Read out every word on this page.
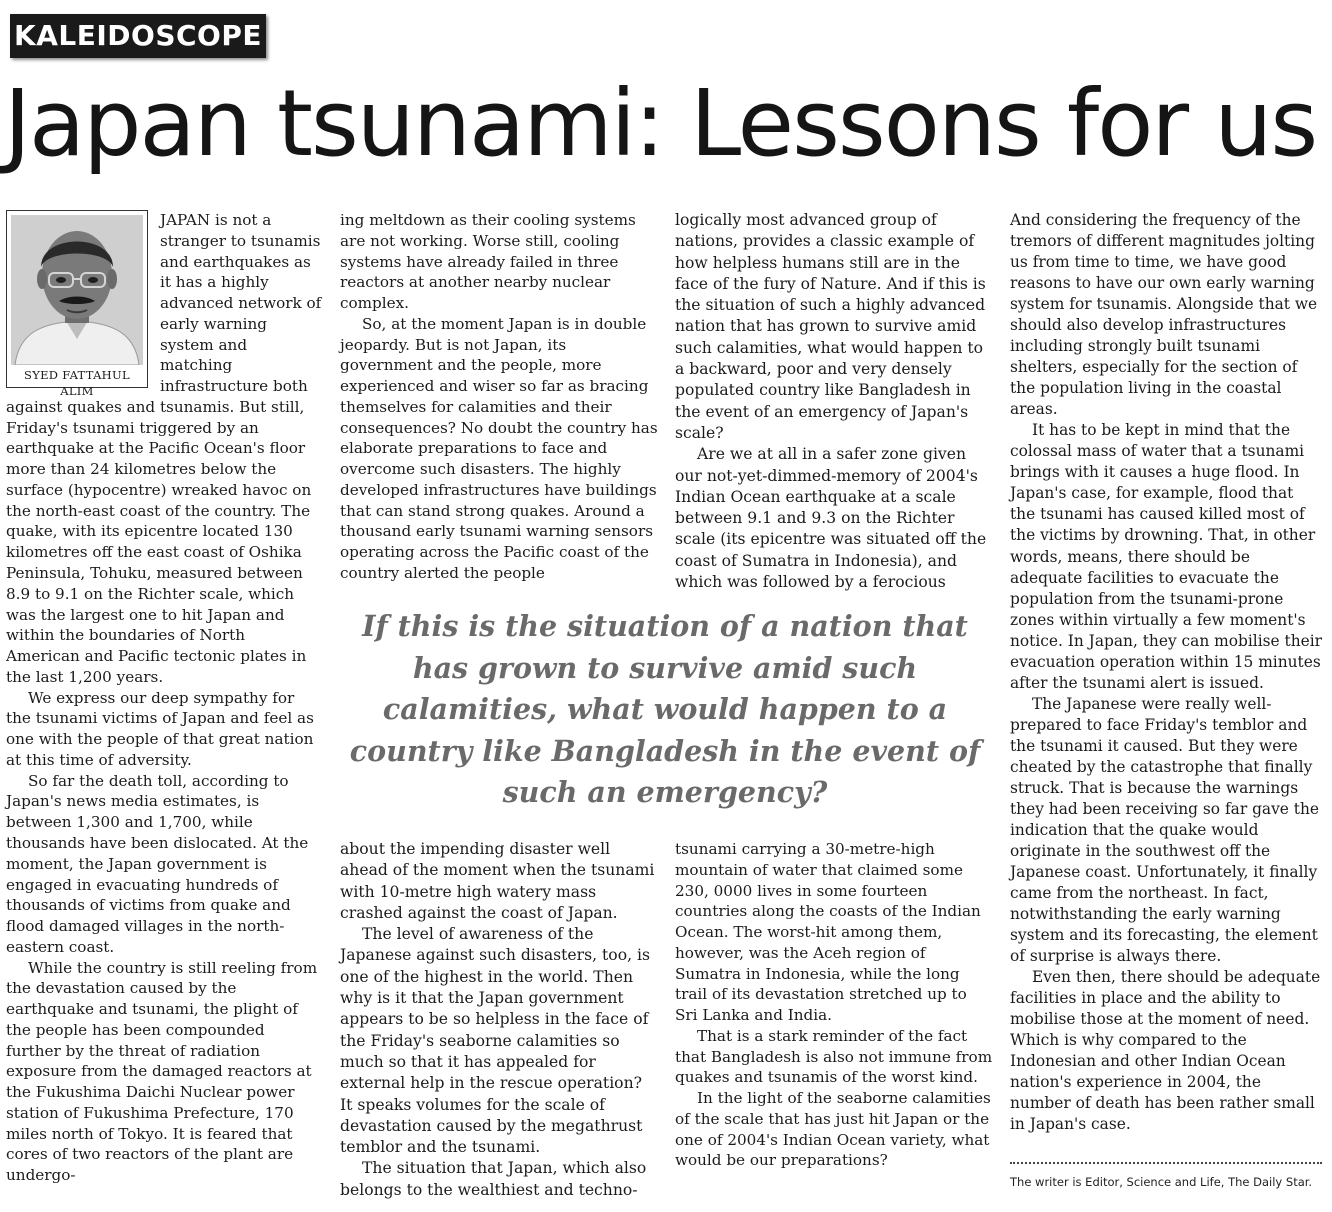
KALEIDOSCOPE
Japan tsunami: Lessons for us
SYED FATTAHUL ALIM

JAPAN is not a stranger to tsunamis and earthquakes as it has a highly advanced network of early warning system and matching infrastructure both against quakes and tsunamis. But still, Friday's tsunami triggered by an earthquake at the Pacific Ocean's floor more than 24 kilometres below the surface (hypocentre) wreaked havoc on the north-east coast of the country. The quake, with its epicentre located 130 kilometres off the east coast of Oshika Peninsula, Tohuku, measured between 8.9 to 9.1 on the Richter scale, which was the largest one to hit Japan and within the boundaries of North American and Pacific tectonic plates in the last 1,200 years.

We express our deep sympathy for the tsunami victims of Japan and feel as one with the people of that great nation at this time of adversity.

So far the death toll, according to Japan's news media estimates, is between 1,300 and 1,700, while thousands have been dislocated. At the moment, the Japan government is engaged in evacuating hundreds of thousands of victims from quake and flood damaged villages in the north-eastern coast.

While the country is still reeling from the devastation caused by the earthquake and tsunami, the plight of the people has been compounded further by the threat of radiation exposure from the damaged reactors at the Fukushima Daichi Nuclear power station of Fukushima Prefecture, 170 miles north of Tokyo. It is feared that cores of two reactors of the plant are undergo-

ing meltdown as their cooling systems are not working. Worse still, cooling systems have already failed in three reactors at another nearby nuclear complex.

So, at the moment Japan is in double jeopardy. But is not Japan, its government and the people, more experienced and wiser so far as bracing themselves for calamities and their consequences? No doubt the country has elaborate preparations to face and overcome such disasters. The highly developed infrastructures have buildings that can stand strong quakes. Around a thousand early tsunami warning sensors operating across the Pacific coast of the country alerted the people

logically most advanced group of nations, provides a classic example of how helpless humans still are in the face of the fury of Nature. And if this is the situation of such a highly advanced nation that has grown to survive amid such calamities, what would happen to a backward, poor and very densely populated country like Bangladesh in the event of an emergency of Japan's scale?

Are we at all in a safer zone given our not-yet-dimmed-memory of 2004's Indian Ocean earthquake at a scale between 9.1 and 9.3 on the Richter scale (its epicentre was situated off the coast of Sumatra in Indonesia), and which was followed by a ferocious

If this is the situation of a nation that has grown to survive amid such calamities, what would happen to a country like Bangladesh in the event of such an emergency?

about the impending disaster well ahead of the moment when the tsunami with 10-metre high watery mass crashed against the coast of Japan.

The level of awareness of the Japanese against such disasters, too, is one of the highest in the world. Then why is it that the Japan government appears to be so helpless in the face of the Friday's seaborne calamities so much so that it has appealed for external help in the rescue operation? It speaks volumes for the scale of devastation caused by the megathrust temblor and the tsunami.

The situation that Japan, which also belongs to the wealthiest and techno-

tsunami carrying a 30-metre-high mountain of water that claimed some 230, 0000 lives in some fourteen countries along the coasts of the Indian Ocean. The worst-hit among them, however, was the Aceh region of Sumatra in Indonesia, while the long trail of its devastation stretched up to Sri Lanka and India.

That is a stark reminder of the fact that Bangladesh is also not immune from quakes and tsunamis of the worst kind.

In the light of the seaborne calamities of the scale that has just hit Japan or the one of 2004's Indian Ocean variety, what would be our preparations?

And considering the frequency of the tremors of different magnitudes jolting us from time to time, we have good reasons to have our own early warning system for tsunamis. Alongside that we should also develop infrastructures including strongly built tsunami shelters, especially for the section of the population living in the coastal areas.

It has to be kept in mind that the colossal mass of water that a tsunami brings with it causes a huge flood. In Japan's case, for example, flood that the tsunami has caused killed most of the victims by drowning. That, in other words, means, there should be adequate facilities to evacuate the population from the tsunami-prone zones within virtually a few moment's notice. In Japan, they can mobilise their evacuation operation within 15 minutes after the tsunami alert is issued.

The Japanese were really well-prepared to face Friday's temblor and the tsunami it caused. But they were cheated by the catastrophe that finally struck. That is because the warnings they had been receiving so far gave the indication that the quake would originate in the southwest off the Japanese coast. Unfortunately, it finally came from the northeast. In fact, notwithstanding the early warning system and its forecasting, the element of surprise is always there.

Even then, there should be adequate facilities in place and the ability to mobilise those at the moment of need. Which is why compared to the Indonesian and other Indian Ocean nation's experience in 2004, the number of death has been rather small in Japan's case.

The writer is Editor, Science and Life, The Daily Star.
